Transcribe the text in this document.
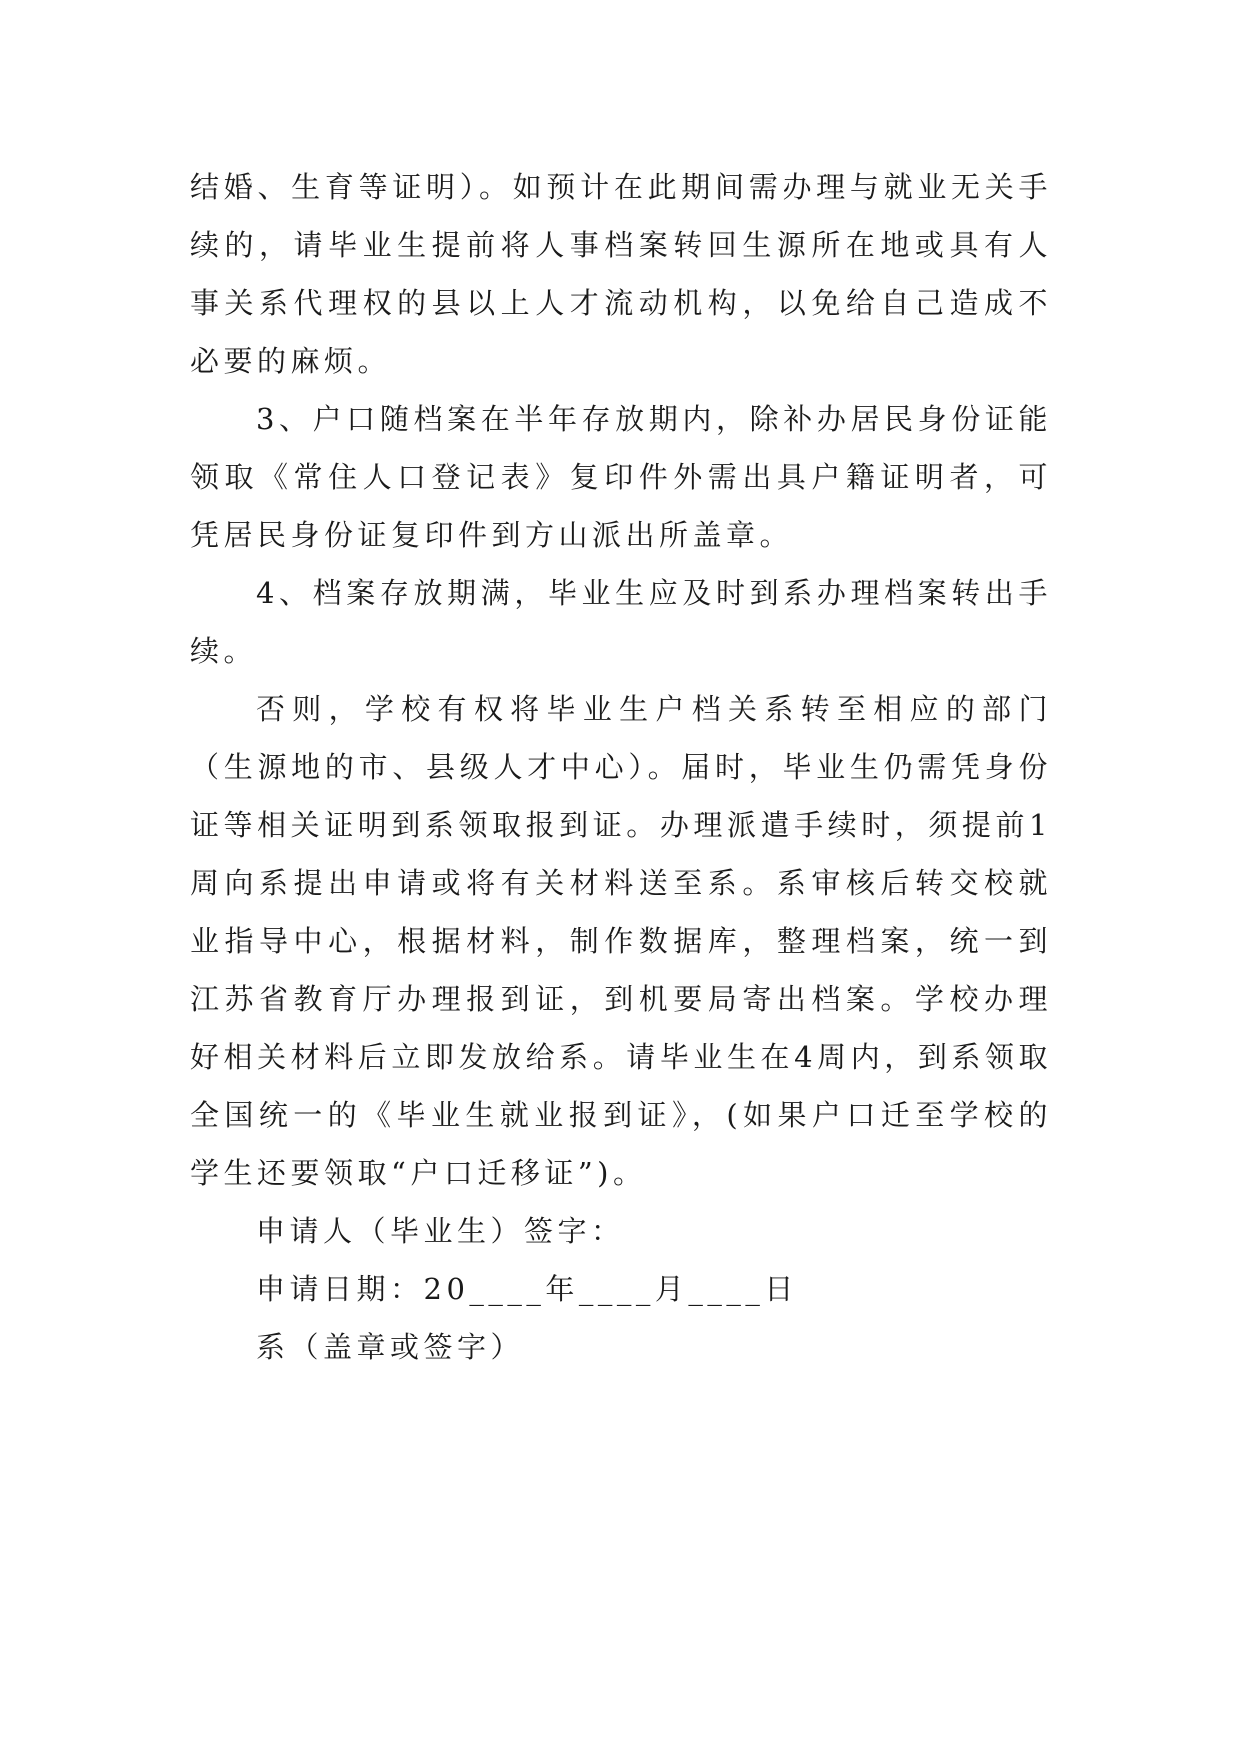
结婚、生育等证明）。如预计在此期间需办理与就业无关手续的，请毕业生提前将人事档案转回生源所在地或具有人事关系代理权的县以上人才流动机构，以免给自己造成不必要的麻烦。

3、户口随档案在半年存放期内，除补办居民身份证能领取《常住人口登记表》复印件外需出具户籍证明者，可凭居民身份证复印件到方山派出所盖章。

4、档案存放期满，毕业生应及时到系办理档案转出手续。

否则，学校有权将毕业生户档关系转至相应的部门（生源地的市、县级人才中心）。届时，毕业生仍需凭身份证等相关证明到系领取报到证。办理派遣手续时，须提前1周向系提出申请或将有关材料送至系。系审核后转交校就业指导中心，根据材料，制作数据库，整理档案，统一到江苏省教育厅办理报到证，到机要局寄出档案。学校办理好相关材料后立即发放给系。请毕业生在4周内，到系领取全国统一的《毕业生就业报到证》，(如果户口迁至学校的学生还要领取“户口迁移证”)。

申请人（毕业生）签字：

申请日期：20____年____月____日

系（盖章或签字）
